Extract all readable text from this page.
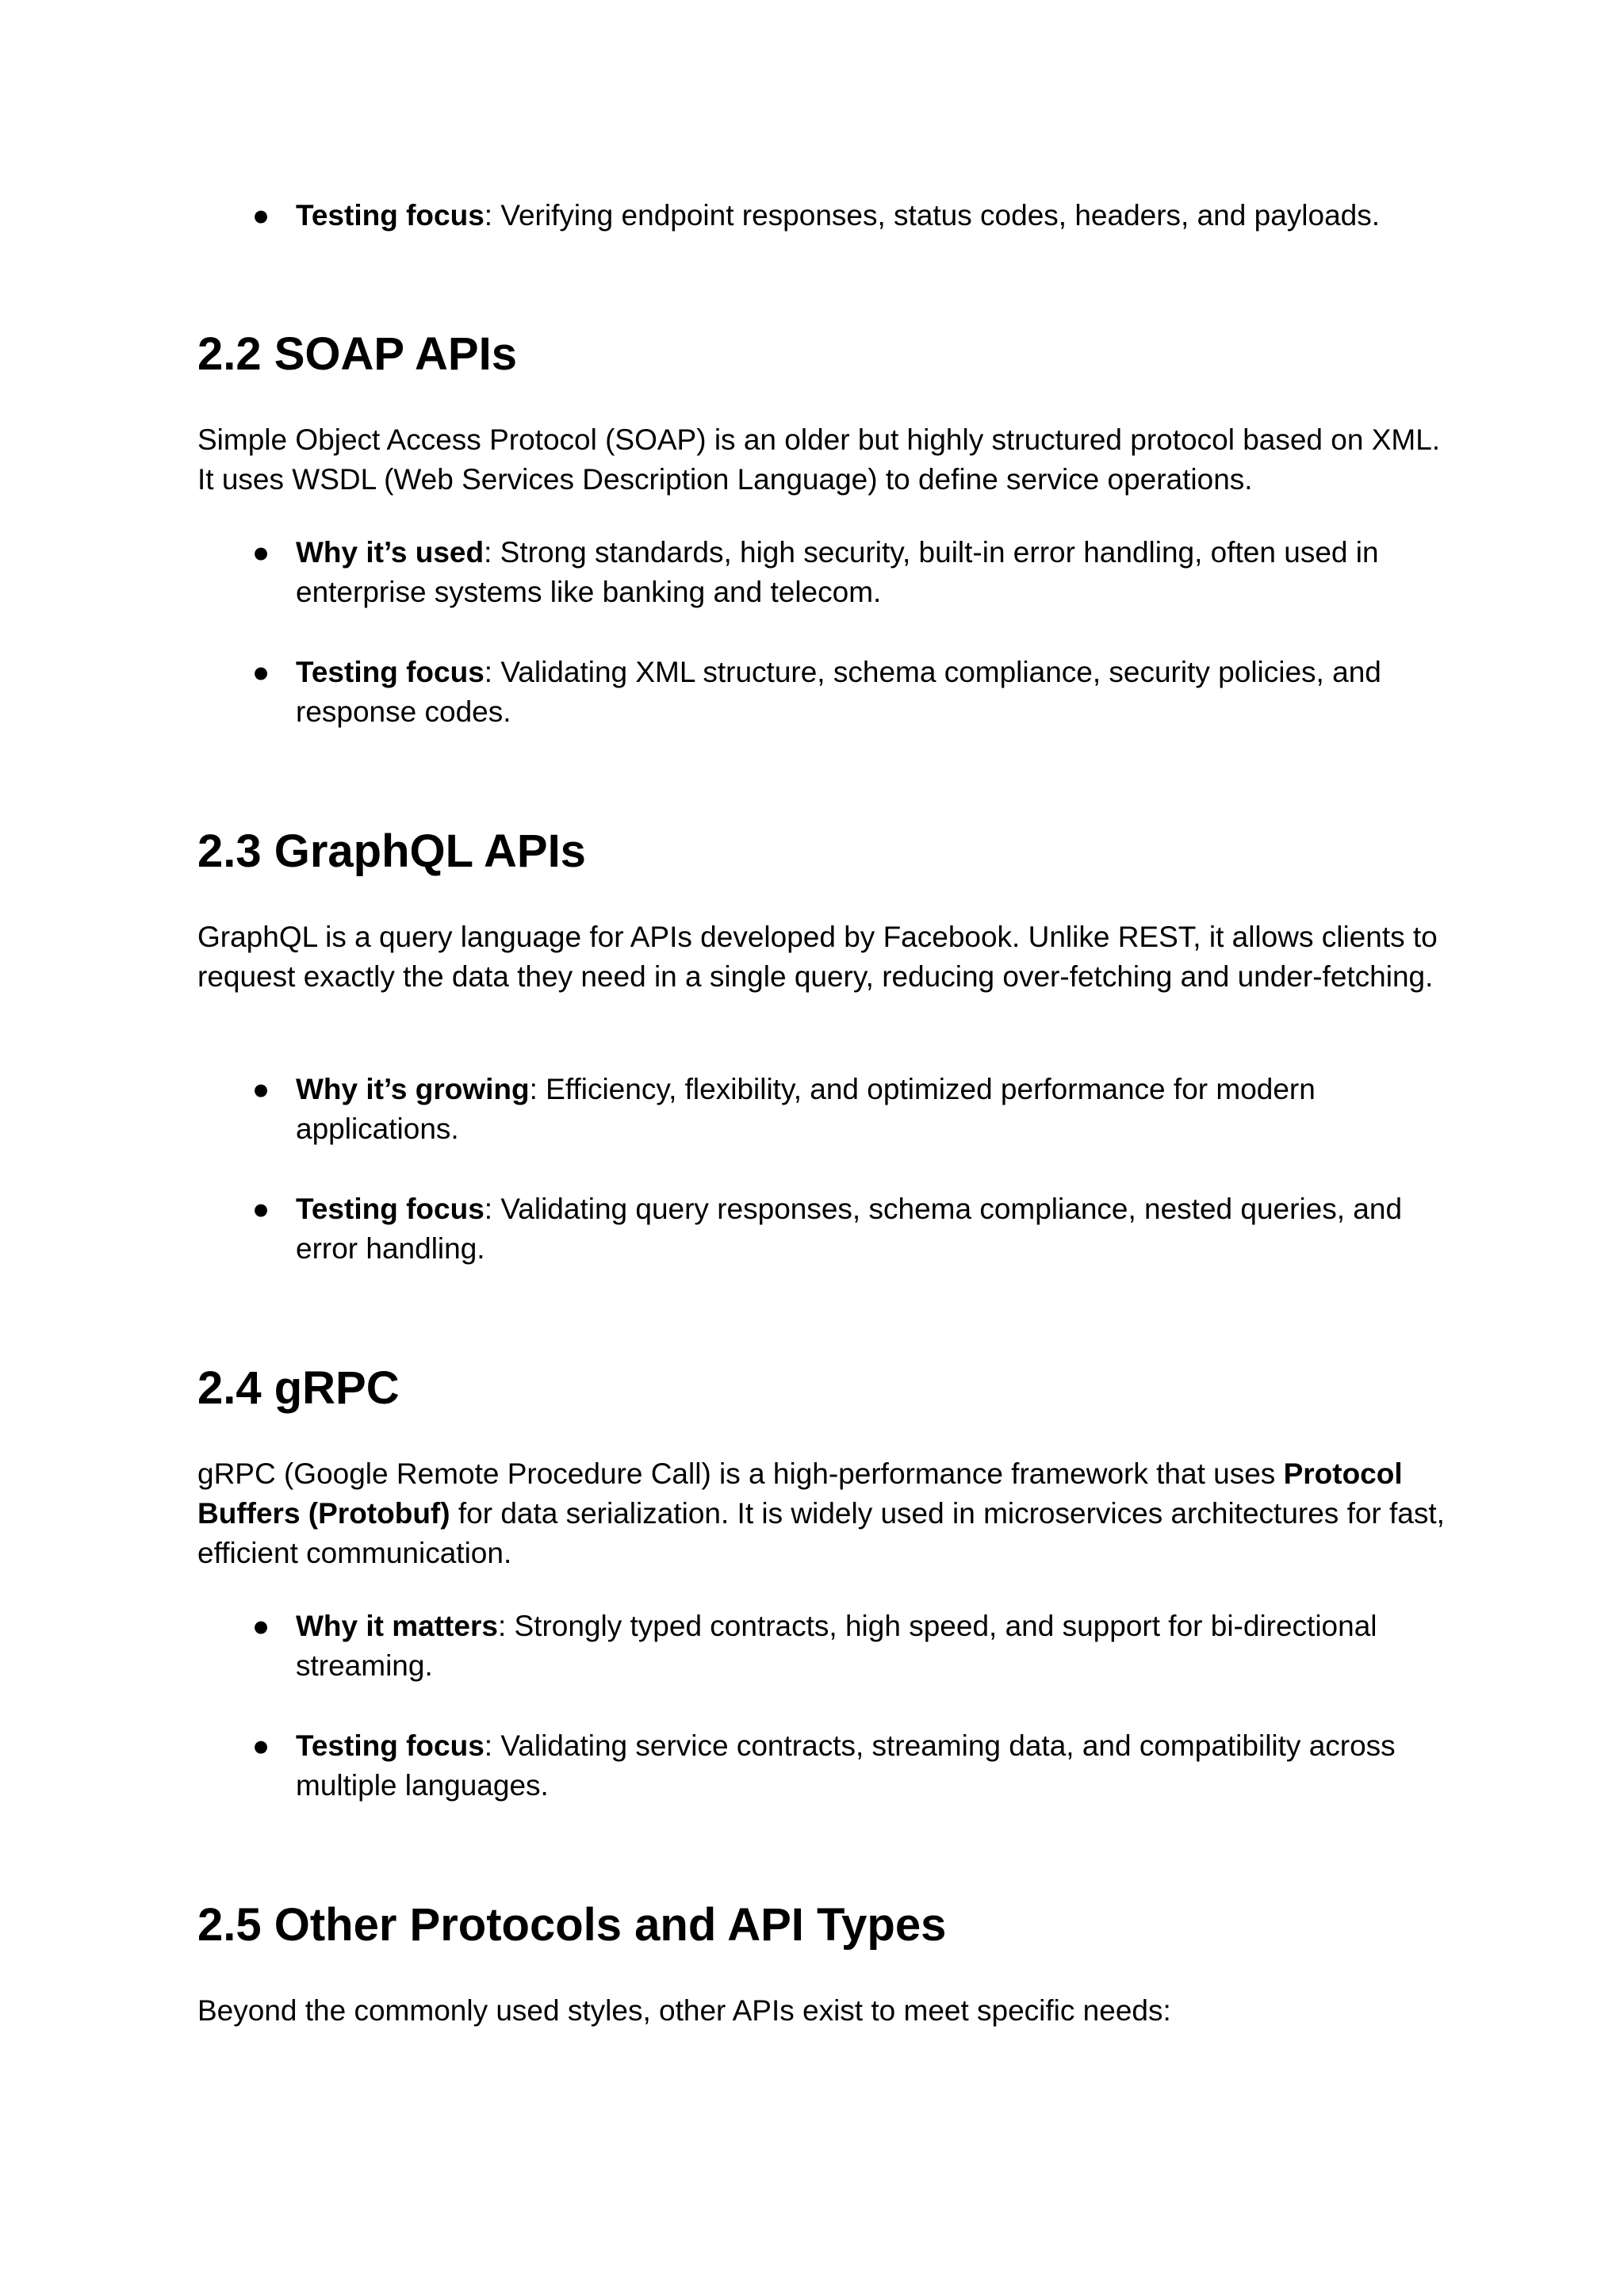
● Testing focus: Verifying endpoint responses, status codes, headers, and payloads.
2.2 SOAP APIs

Simple Object Access Protocol (SOAP) is an older but highly structured protocol based on XML. It uses WSDL (Web Services Description Language) to define service operations.

● Why it’s used: Strong standards, high security, built-in error handling, often used in enterprise systems like banking and telecom.
● Testing focus: Validating XML structure, schema compliance, security policies, and response codes.
2.3 GraphQL APIs

GraphQL is a query language for APIs developed by Facebook. Unlike REST, it allows clients to request exactly the data they need in a single query, reducing over-fetching and under-fetching.

● Why it’s growing: Efficiency, flexibility, and optimized performance for modern applications.
● Testing focus: Validating query responses, schema compliance, nested queries, and error handling.
2.4 gRPC

gRPC (Google Remote Procedure Call) is a high-performance framework that uses Protocol Buffers (Protobuf) for data serialization. It is widely used in microservices architectures for fast, efficient communication.

● Why it matters: Strongly typed contracts, high speed, and support for bi-directional streaming.
● Testing focus: Validating service contracts, streaming data, and compatibility across multiple languages.
2.5 Other Protocols and API Types

Beyond the commonly used styles, other APIs exist to meet specific needs:
